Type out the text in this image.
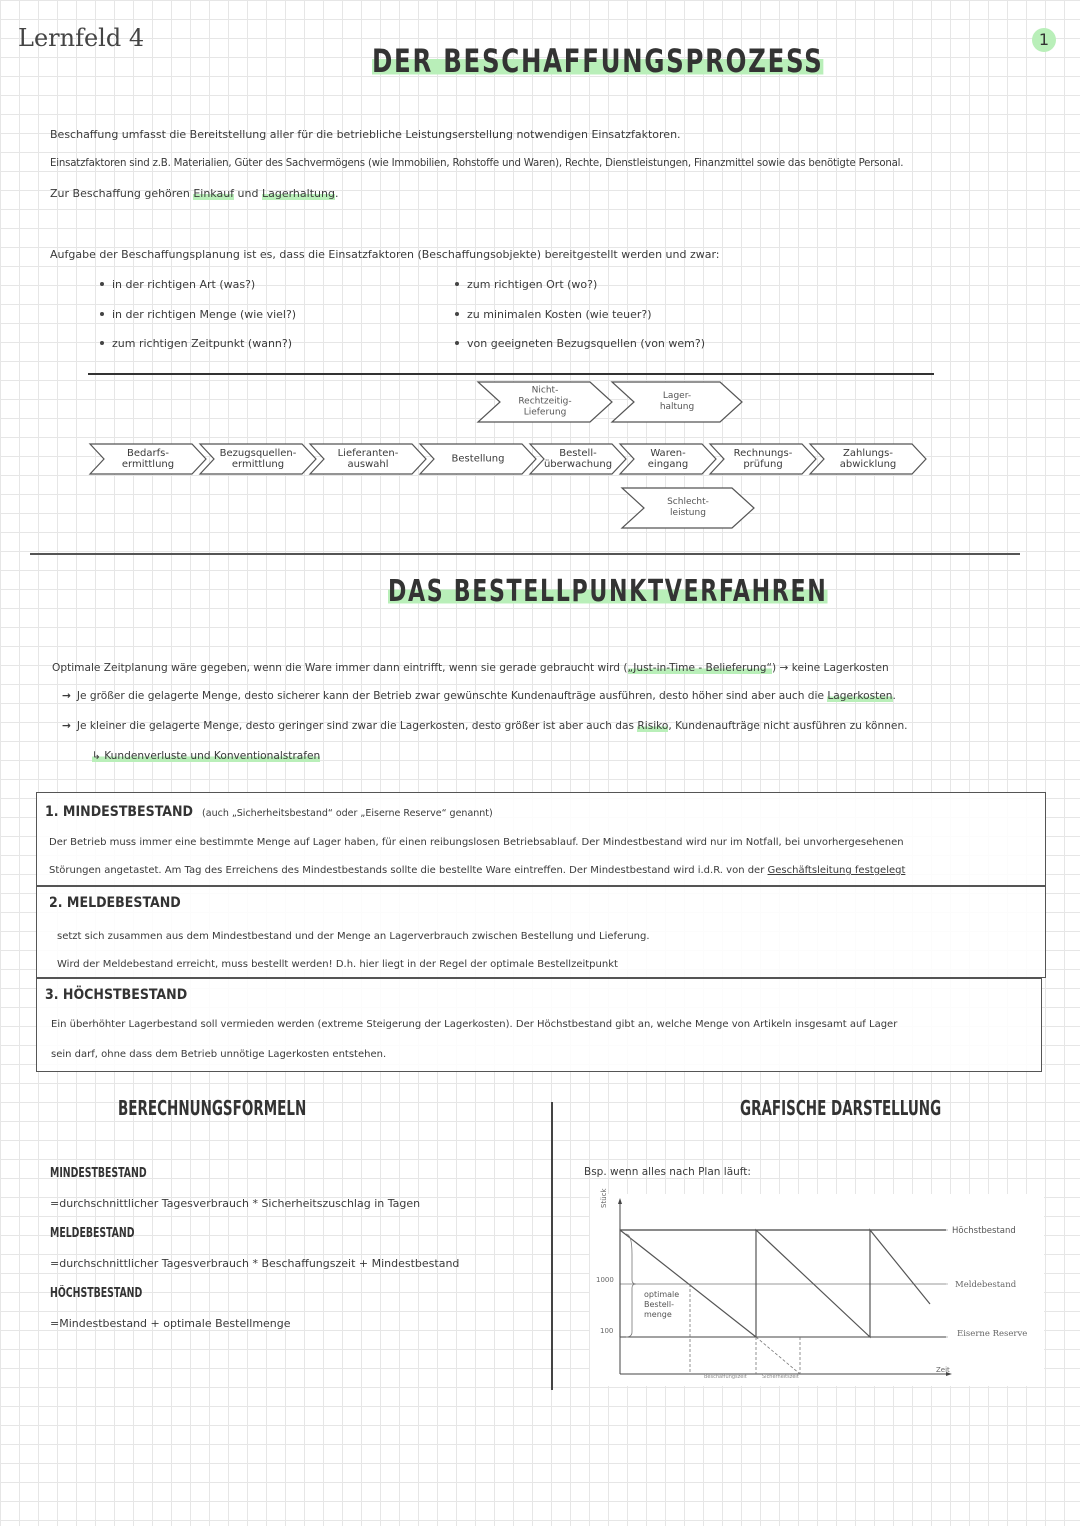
Lernfeld 4	1
DER BESCHAFFUNGSPROZESS
Beschaffung umfasst die Bereitstellung aller für die betriebliche Leistungserstellung notwendigen Einsatzfaktoren.
Einsatzfaktoren sind z.B. Materialien, Güter des Sachvermögens (wie Immobilien, Rohstoffe und Waren), Rechte, Dienstleistungen, Finanzmittel sowie das benötigte Personal.
Zur Beschaffung gehören Einkauf und Lagerhaltung.
Aufgabe der Beschaffungsplanung ist es, dass die Einsatzfaktoren (Beschaffungsobjekte) bereitgestellt werden und zwar:
in der richtigen Art (was?)
in der richtigen Menge (wie viel?)
zum richtigen Zeitpunkt (wann?)
zum richtigen Ort (wo?)
zu minimalen Kosten (wie teuer?)
von geeigneten Bezugsquellen (von wem?)
Nicht-
Rechtzeitig-
Lieferung
Lager-
haltung
Bedarfs-
ermittlung
Bezugsquellen-
ermittlung
Lieferanten-
auswahl	Bestellung	Bestell-
überwachung
Waren-
eingang
Rechnungs-
prüfung
Zahlungs-
abwicklung
Schlecht-
leistung
DAS BESTELLPUNKTVERFAHREN
Optimale Zeitplanung wäre gegeben, wenn die Ware immer dann eintrifft, wenn sie gerade gebraucht wird („Just-in-Time - Belieferung“) → keine Lagerkosten
→ Je größer die gelagerte Menge, desto sicherer kann der Betrieb zwar gewünschte Kundenaufträge ausführen, desto höher sind aber auch die Lagerkosten.
→ Je kleiner die gelagerte Menge, desto geringer sind zwar die Lagerkosten, desto größer ist aber auch das Risiko, Kundenaufträge nicht ausführen zu können.
↳ Kundenverluste und Konventionalstrafen
1. MINDESTBESTAND (auch „Sicherheitsbestand“ oder „Eiserne Reserve“ genannt)
Der Betrieb muss immer eine bestimmte Menge auf Lager haben, für einen reibungslosen Betriebsablauf. Der Mindestbestand wird nur im Notfall, bei unvorhergesehenen
Störungen angetastet. Am Tag des Erreichens des Mindestbestands sollte die bestellte Ware eintreffen. Der Mindestbestand wird i.d.R. von der Geschäftsleitung festgelegt
2. MELDEBESTAND
setzt sich zusammen aus dem Mindestbestand und der Menge an Lagerverbrauch zwischen Bestellung und Lieferung.
Wird der Meldebestand erreicht, muss bestellt werden! D.h. hier liegt in der Regel der optimale Bestellzeitpunkt
3. HÖCHSTBESTAND
Ein überhöhter Lagerbestand soll vermieden werden (extreme Steigerung der Lagerkosten). Der Höchstbestand gibt an, welche Menge von Artikeln insgesamt auf Lager
sein darf, ohne dass dem Betrieb unnötige Lagerkosten entstehen.
BERECHNUNGSFORMELN
MINDESTBESTAND
=durchschnittlicher Tagesverbrauch * Sicherheitszuschlag in Tagen
MELDEBESTAND
=durchschnittlicher Tagesverbrauch * Beschaffungszeit + Mindestbestand
HÖCHSTBESTAND
=Mindestbestand + optimale Bestellmenge
GRAFISCHE DARSTELLUNG
Bsp. wenn alles nach Plan läuft:
Stück
Zeit
1000
100
optimale
Bestell-
menge
Höchstbestand
Meldebestand
Eiserne Reserve
Beschaffungszeit	Sicherheitszeit
